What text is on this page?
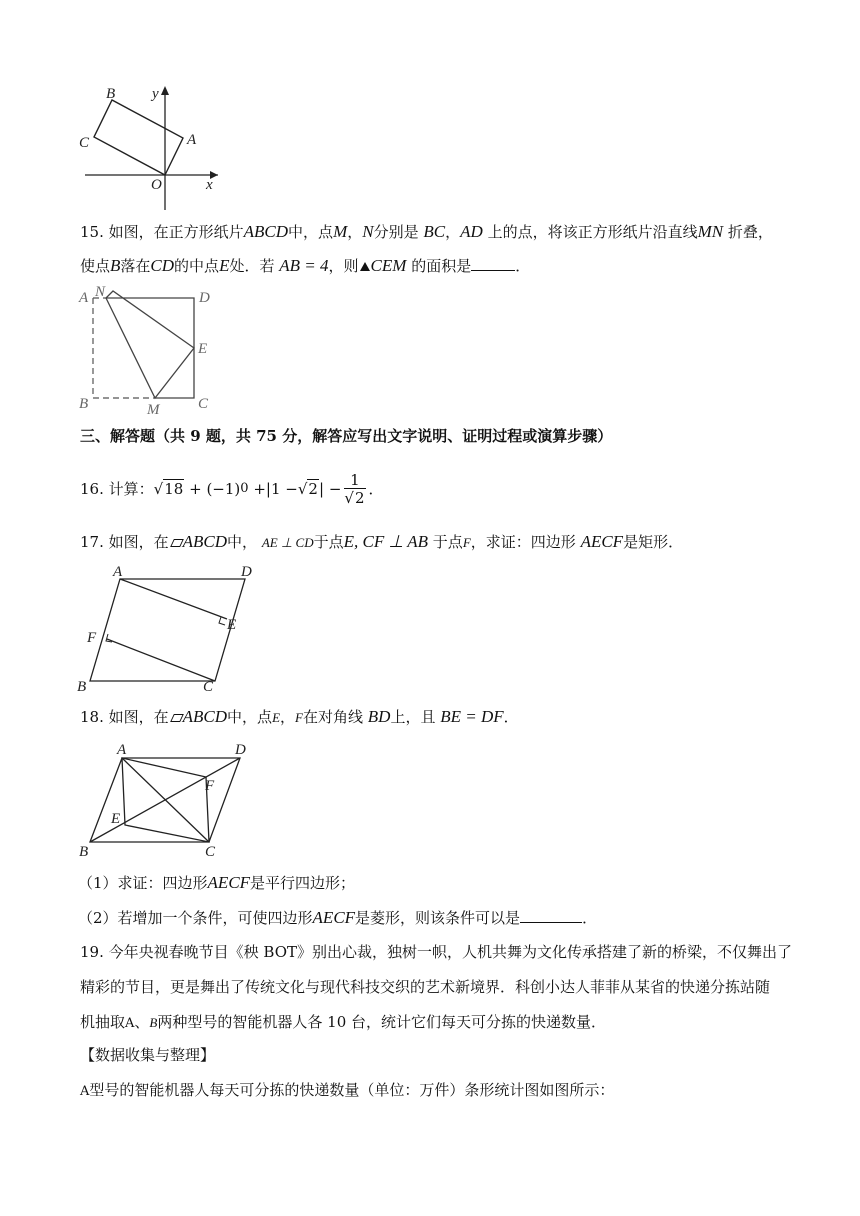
B y
C	A
O	x
15. 如图，在正方形纸片ABCD中，点M，N分别是 BC，AD 上的点，将该正方形纸片沿直线MN 折叠，
使点B落在CD的中点E处．若 AB = 4，则 CEM 的面积是	．
A N	D
E
B	M	C
三、解答题（共 9 题，共 75 分，解答应写出文字说明、证明过程或演算步骤）
16.
计算： √18
+
(−1) 0
+ |1 − √2 |
− $\frac{1}{√2}$ ．
17. 如图，在 ABCD中， AE ⊥ CD于点E, CF ⊥ AB 于点F，求证：四边形 AECF是矩形．
A	D
E
F
B	C
18. 如图，在 ABCD中，点E，F在对角线 BD上，且 BE = DF．
A	D
F
E
B	C
（1）求证：四边形AECF是平行四边形；
（2）若增加一个条件，可使四边形AECF是菱形，则该条件可以是	．
19. 今年央视春晚节目《秧 BOT》别出心裁，独树一帜，人机共舞为文化传承搭建了新的桥梁，不仅舞出了
精彩的节目，更是舞出了传统文化与现代科技交织的艺术新境界．科创小达人菲菲从某省的快递分拣站随
机抽取A、B两种型号的智能机器人各 10 台，统计它们每天可分拣的快递数量．
【数据收集与整理】
A型号的智能机器人每天可分拣的快递数量（单位：万件）条形统计图如图所示：
